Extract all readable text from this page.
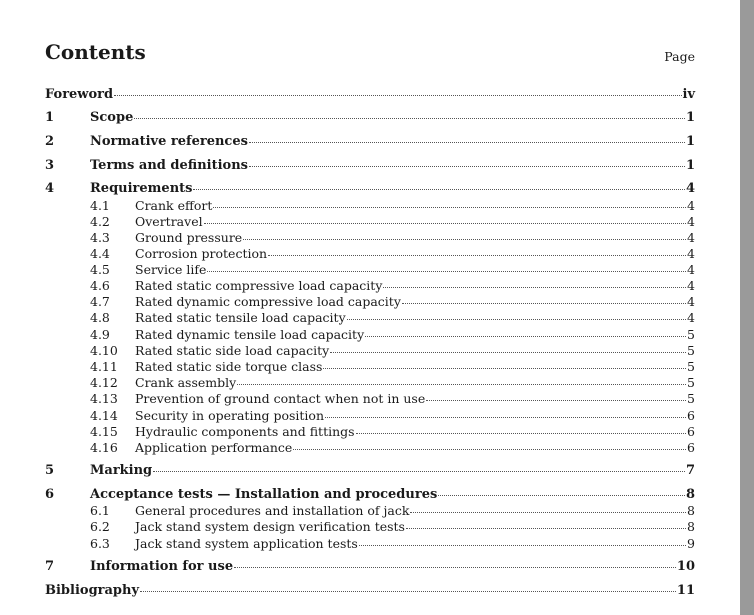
Contents	Page
Foreword	iv
1	Scope	1
2	Normative references	1
3	Terms and definitions	1
4	Requirements	4
4.1	Crank effort	4
4.2	Overtravel	4
4.3	Ground pressure	4
4.4	Corrosion protection	4
4.5	Service life	4
4.6	Rated static compressive load capacity	4
4.7	Rated dynamic compressive load capacity	4
4.8	Rated static tensile load capacity	4
4.9	Rated dynamic tensile load capacity	5
4.10	Rated static side load capacity	5
4.11	Rated static side torque class	5
4.12	Crank assembly	5
4.13	Prevention of ground contact when not in use	5
4.14	Security in operating position	6
4.15	Hydraulic components and fittings	6
4.16	Application performance	6
5	Marking	7
6	Acceptance tests — Installation and procedures	8
6.1	General procedures and installation of jack	8
6.2	Jack stand system design verification tests	8
6.3	Jack stand system application tests	9
7	Information for use	10
Bibliography	11
